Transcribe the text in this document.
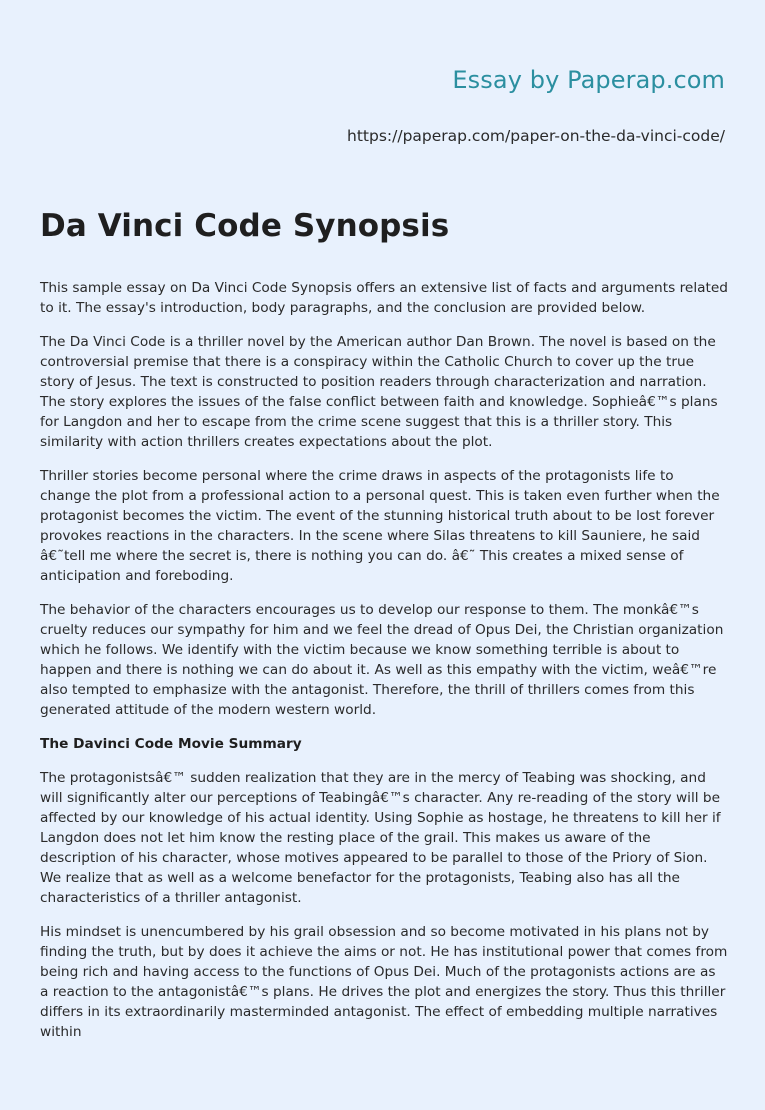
Essay by Paperap.com
https://paperap.com/paper-on-the-da-vinci-code/
Da Vinci Code Synopsis

This sample essay on Da Vinci Code Synopsis offers an extensive list of facts and arguments related to it. The essay's introduction, body paragraphs, and the conclusion are provided below.

The Da Vinci Code is a thriller novel by the American author Dan Brown. The novel is based on the controversial premise that there is a conspiracy within the Catholic Church to cover up the true story of Jesus. The text is constructed to position readers through characterization and narration. The story explores the issues of the false conflict between faith and knowledge. Sophieâ€™s plans for Langdon and her to escape from the crime scene suggest that this is a thriller story. This similarity with action thrillers creates expectations about the plot.

Thriller stories become personal where the crime draws in aspects of the protagonists life to change the plot from a professional action to a personal quest. This is taken even further when the protagonist becomes the victim. The event of the stunning historical truth about to be lost forever provokes reactions in the characters. In the scene where Silas threatens to kill Sauniere, he said â€˜tell me where the secret is, there is nothing you can do. â€˜ This creates a mixed sense of anticipation and foreboding.

The behavior of the characters encourages us to develop our response to them. The monkâ€™s cruelty reduces our sympathy for him and we feel the dread of Opus Dei, the Christian organization which he follows. We identify with the victim because we know something terrible is about to happen and there is nothing we can do about it. As well as this empathy with the victim, weâ€™re also tempted to emphasize with the antagonist. Therefore, the thrill of thrillers comes from this generated attitude of the modern western world.

The Davinci Code Movie Summary

The protagonistsâ€™ sudden realization that they are in the mercy of Teabing was shocking, and will significantly alter our perceptions of Teabingâ€™s character. Any re-reading of the story will be affected by our knowledge of his actual identity. Using Sophie as hostage, he threatens to kill her if Langdon does not let him know the resting place of the grail. This makes us aware of the description of his character, whose motives appeared to be parallel to those of the Priory of Sion. We realize that as well as a welcome benefactor for the protagonists, Teabing also has all the characteristics of a thriller antagonist.

His mindset is unencumbered by his grail obsession and so become motivated in his plans not by finding the truth, but by does it achieve the aims or not. He has institutional power that comes from being rich and having access to the functions of Opus Dei. Much of the protagonists actions are as a reaction to the antagonistâ€™s plans. He drives the plot and energizes the story. Thus this thriller differs in its extraordinarily masterminded antagonist. The effect of embedding multiple narratives within
